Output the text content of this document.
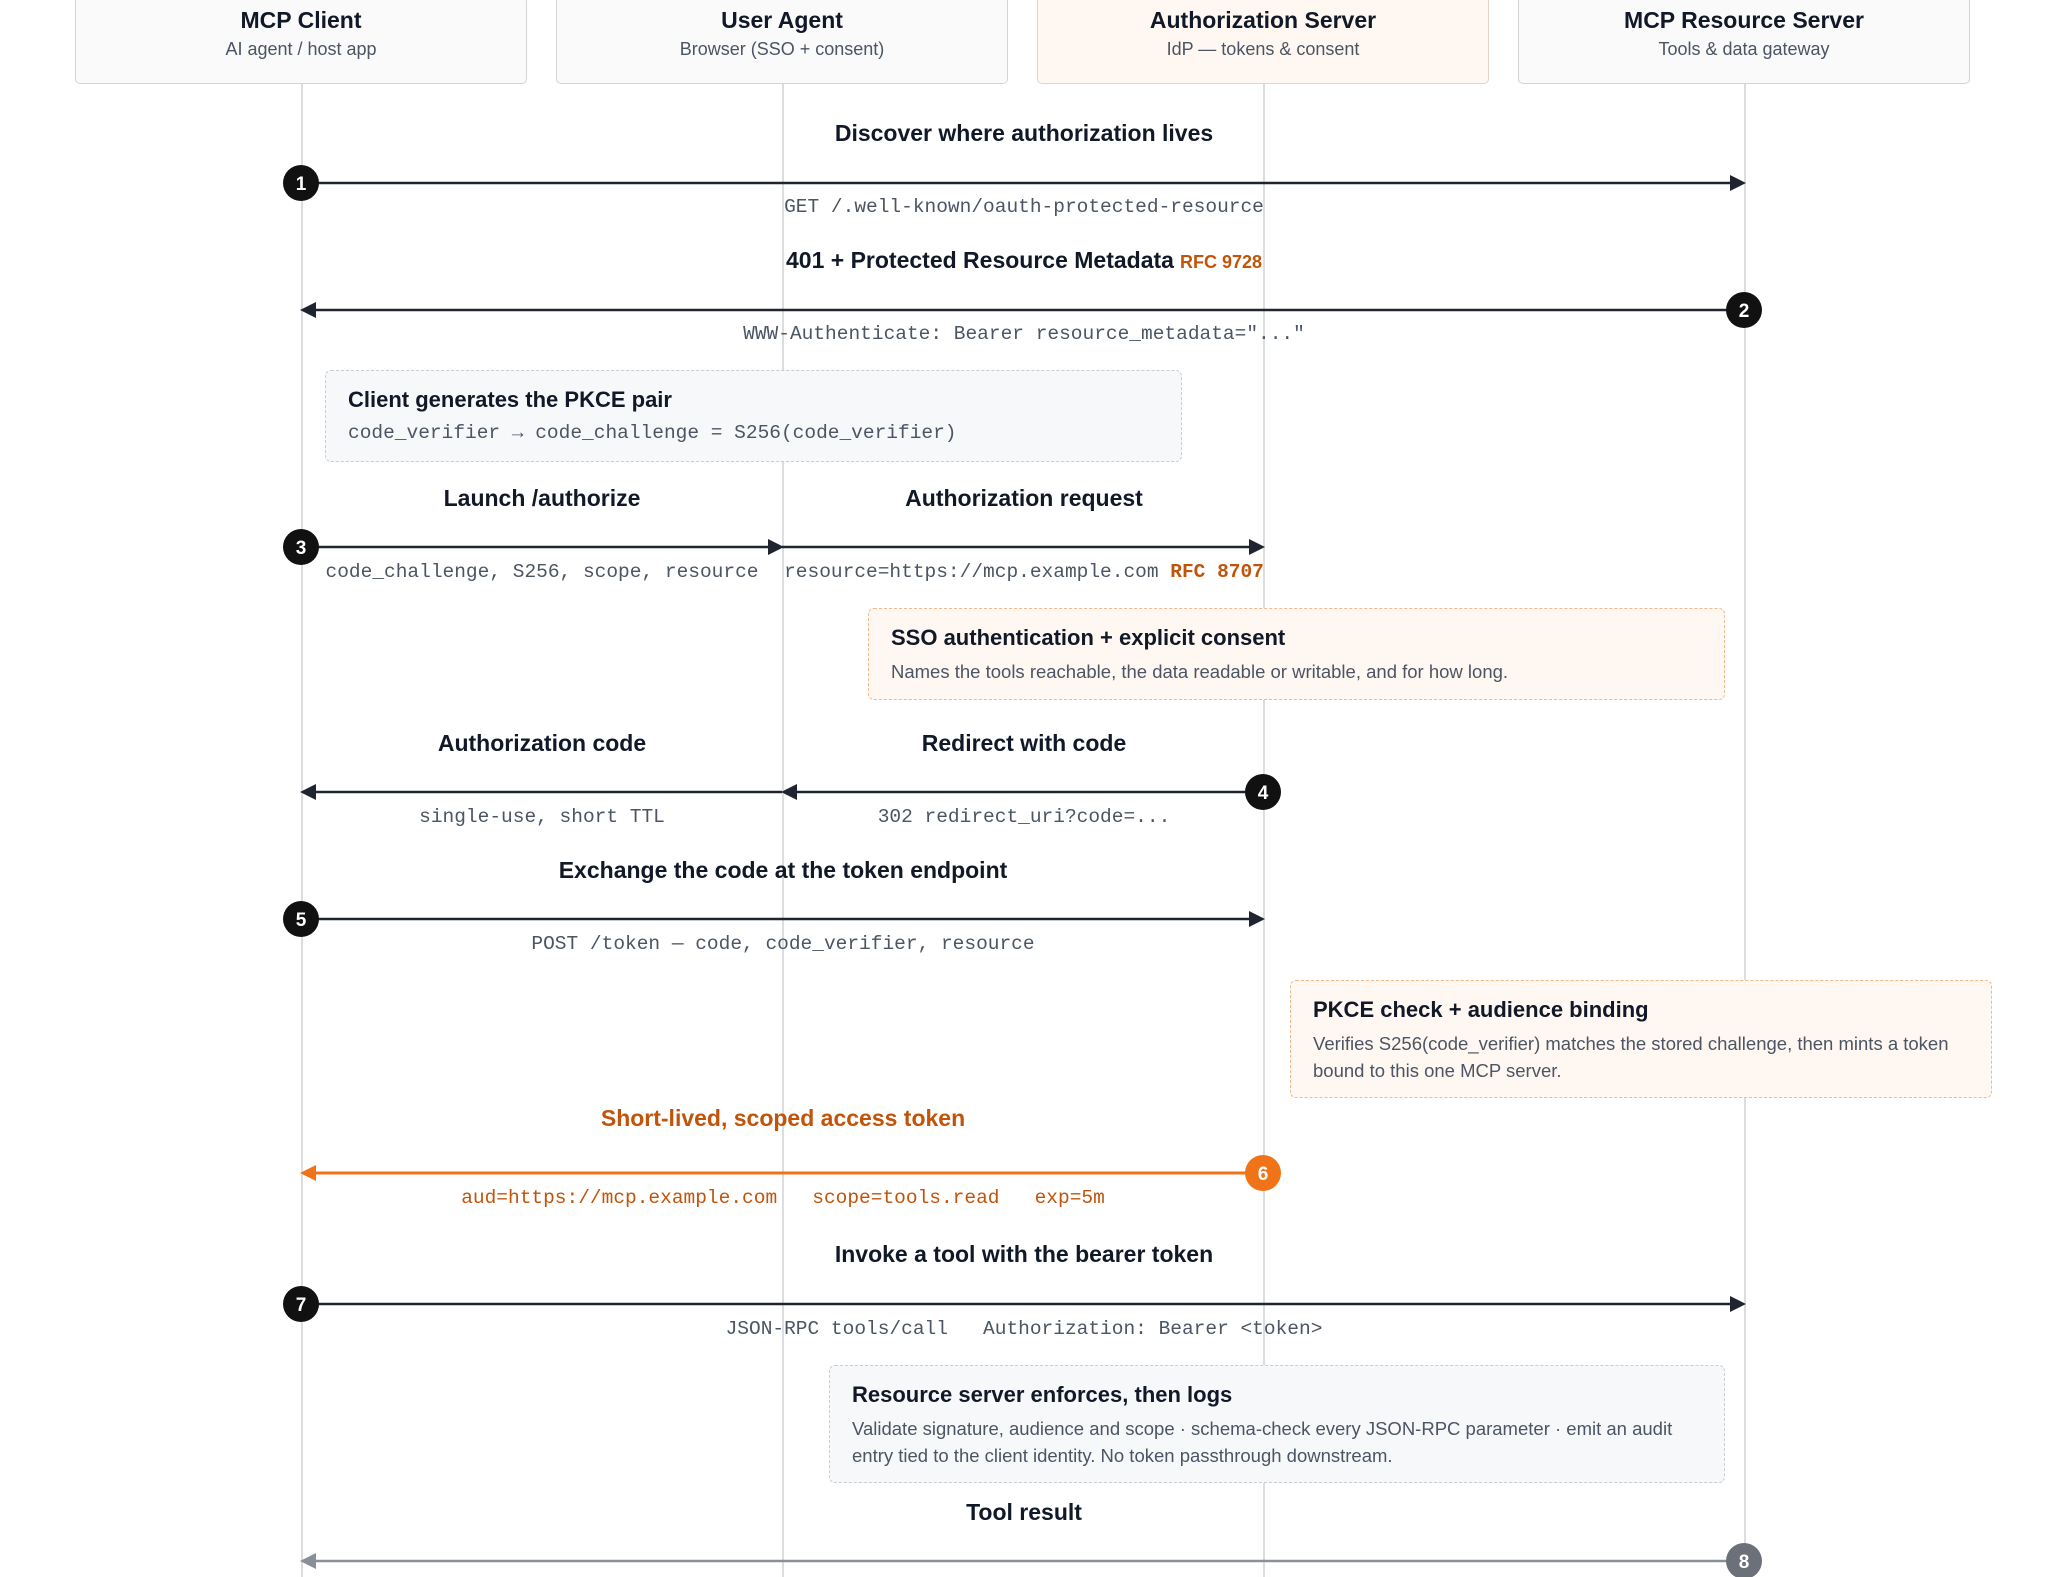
MCP Client
AI agent / host app
User Agent
Browser (SSO + consent)
Authorization Server
IdP — tokens & consent
MCP Resource Server
Tools & data gateway
1
2
3
4
5
6
7
8
Discover where authorization lives
GET /.well-known/oauth-protected-resource
401 + Protected Resource Metadata RFC 9728
WWW-Authenticate: Bearer resource_metadata="..."
Client generates the PKCE pair
code_verifier → code_challenge = S256(code_verifier)
Launch /authorize
code_challenge, S256, scope, resource
Authorization request
resource=https://mcp.example.com RFC 8707
SSO authentication + explicit consent
Names the tools reachable, the data readable or writable, and for how long.
Authorization code
single-use, short TTL
Redirect with code
302 redirect_uri?code=...
Exchange the code at the token endpoint
POST /token — code, code_verifier, resource
PKCE check + audience binding
Verifies S256(code_verifier) matches the stored challenge, then mints a token bound to this one MCP server.
Short-lived, scoped access token
aud=https://mcp.example.com   scope=tools.read   exp=5m
Invoke a tool with the bearer token
JSON-RPC tools/call   Authorization: Bearer <token>
Resource server enforces, then logs
Validate signature, audience and scope · schema-check every JSON-RPC parameter · emit an audit entry tied to the client identity. No token passthrough downstream.
Tool result
